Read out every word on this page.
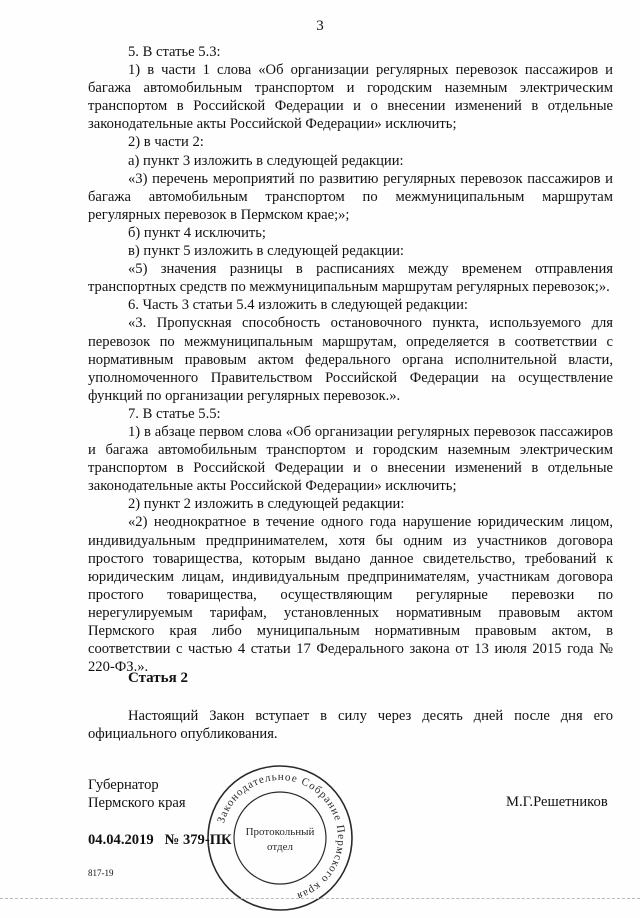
3

5. В статье 5.3:

1) в части 1 слова «Об организации регулярных перевозок пассажиров и багажа автомобильным транспортом и городским наземным электрическим транспортом в Российской Федерации и о внесении изменений в отдельные законодательные акты Российской Федерации» исключить;

2) в части 2:

а) пункт 3 изложить в следующей редакции:

«3) перечень мероприятий по развитию регулярных перевозок пассажиров и багажа автомобильным транспортом по межмуниципальным маршрутам регулярных перевозок в Пермском крае;»;

б) пункт 4 исключить;

в) пункт 5 изложить в следующей редакции:

«5) значения разницы в расписаниях между временем отправления транспортных средств по межмуниципальным маршрутам регулярных перевозок;».

6. Часть 3 статьи 5.4 изложить в следующей редакции:

«3. Пропускная способность остановочного пункта, используемого для перевозок по межмуниципальным маршрутам, определяется в соответствии с нормативным правовым актом федерального органа исполнительной власти, уполномоченного Правительством Российской Федерации на осуществление функций по организации регулярных перевозок.».

7. В статье 5.5:

1) в абзаце первом слова «Об организации регулярных перевозок пассажиров и багажа автомобильным транспортом и городским наземным электрическим транспортом в Российской Федерации и о внесении изменений в отдельные законодательные акты Российской Федерации» исключить;

2) пункт 2 изложить в следующей редакции:

«2) неоднократное в течение одного года нарушение юридическим лицом, индивидуальным предпринимателем, хотя бы одним из участников договора простого товарищества, которым выдано данное свидетельство, требований к юридическим лицам, индивидуальным предпринимателям, участникам договора простого товарищества, осуществляющим регулярные перевозки по нерегулируемым тарифам, установленных нормативным правовым актом Пермского края либо муниципальным нормативным правовым актом, в соответствии с частью 4 статьи 17 Федерального закона от 13 июля 2015 года № 220-ФЗ.».

Статья 2

Настоящий Закон вступает в силу через десять дней после дня его официального опубликования.

Губернатор
Пермского края	М.Г.Решетников
Законодательное Собрание Пермского края
Протокольный
отдел
04.04.2019 № 379-ПК
817-19
